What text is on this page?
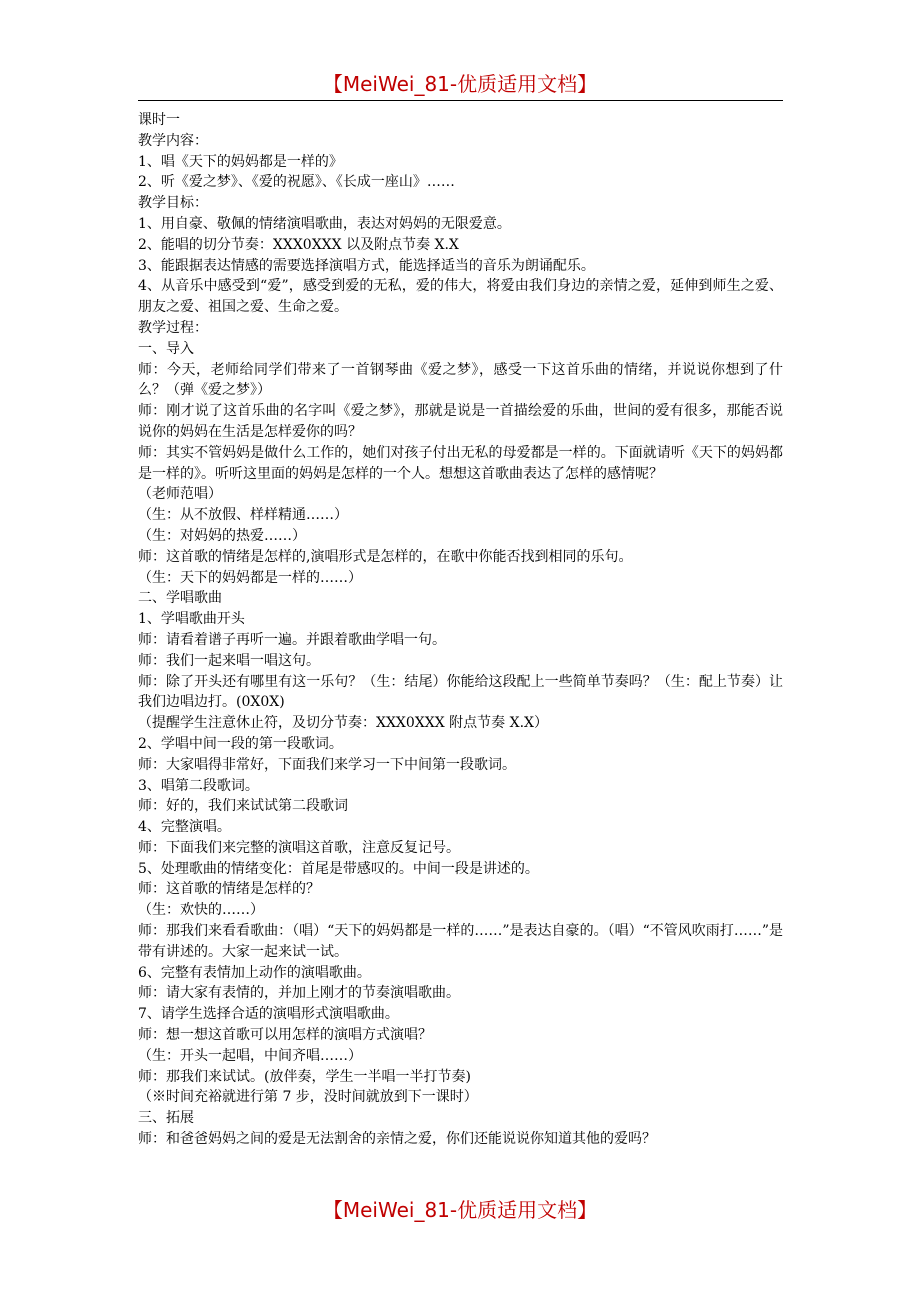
【MeiWei_81-优质适用文档】
课时一
教学内容：
1、唱《天下的妈妈都是一样的》
2、听《爱之梦》、《爱的祝愿》、《长成一座山》……
教学目标：
1、用自豪、敬佩的情绪演唱歌曲，表达对妈妈的无限爱意。
2、能唱的切分节奏：XXX0XXX 以及附点节奏 X.X
3、能跟据表达情感的需要选择演唱方式，能选择适当的音乐为朗诵配乐。
4、从音乐中感受到“爱”，感受到爱的无私，爱的伟大，将爱由我们身边的亲情之爱，延伸到师生之爱、朋友之爱、祖国之爱、生命之爱。
教学过程：
一、导入
师：今天，老师给同学们带来了一首钢琴曲《爱之梦》，感受一下这首乐曲的情绪，并说说你想到了什么？（弹《爱之梦》）
师：刚才说了这首乐曲的名字叫《爱之梦》，那就是说是一首描绘爱的乐曲，世间的爱有很多，那能否说说你的妈妈在生活是怎样爱你的吗？
师：其实不管妈妈是做什么工作的，她们对孩子付出无私的母爱都是一样的。下面就请听《天下的妈妈都是一样的》。听听这里面的妈妈是怎样的一个人。想想这首歌曲表达了怎样的感情呢？
（老师范唱）
（生：从不放假、样样精通……）
（生：对妈妈的热爱……）
师：这首歌的情绪是怎样的,演唱形式是怎样的，在歌中你能否找到相同的乐句。
（生：天下的妈妈都是一样的……）
二、学唱歌曲
1、学唱歌曲开头
师：请看着谱子再听一遍。并跟着歌曲学唱一句。
师：我们一起来唱一唱这句。
师：除了开头还有哪里有这一乐句？（生：结尾）你能给这段配上一些简单节奏吗？（生：配上节奏）让我们边唱边打。(0X0X)
（提醒学生注意休止符，及切分节奏：XXX0XXX 附点节奏 X.X）
2、学唱中间一段的第一段歌词。
师：大家唱得非常好，下面我们来学习一下中间第一段歌词。
3、唱第二段歌词。
师：好的，我们来试试第二段歌词
4、完整演唱。
师：下面我们来完整的演唱这首歌，注意反复记号。
5、处理歌曲的情绪变化：首尾是带感叹的。中间一段是讲述的。
师：这首歌的情绪是怎样的？
（生：欢快的……）
师：那我们来看看歌曲：（唱）“天下的妈妈都是一样的……”是表达自豪的。（唱）“不管风吹雨打……”是带有讲述的。大家一起来试一试。
6、完整有表情加上动作的演唱歌曲。
师：请大家有表情的，并加上刚才的节奏演唱歌曲。
7、请学生选择合适的演唱形式演唱歌曲。
师：想一想这首歌可以用怎样的演唱方式演唱？
（生：开头一起唱，中间齐唱……）
师：那我们来试试。(放伴奏，学生一半唱一半打节奏)
（※时间充裕就进行第 7 步，没时间就放到下一课时）
三、拓展
师：和爸爸妈妈之间的爱是无法割舍的亲情之爱，你们还能说说你知道其他的爱吗？
【MeiWei_81-优质适用文档】
